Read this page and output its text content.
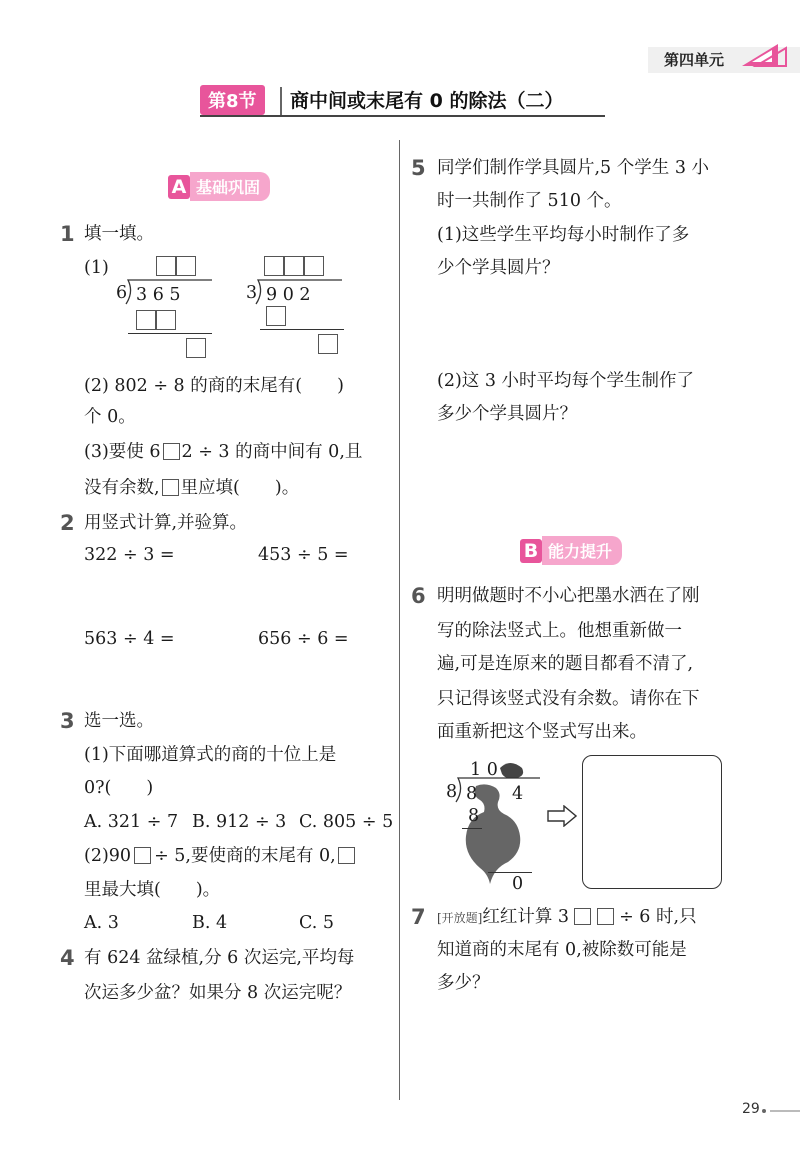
第四单元
第8节	商中间或末尾有 0 的除法（二）
A 基础巩固
1 填一填。
(1)
6 3 6 5	3 9 0 2
(2) 802 ÷ 8 的商的末尾有(　　)
个 0。
(3)要使 6 2 ÷ 3 的商中间有 0,且
没有余数, 里应填(　　)。
2 用竖式计算,并验算。
322 ÷ 3 =	453 ÷ 5 =
563 ÷ 4 =	656 ÷ 6 =
3 选一选。
(1)下面哪道算式的商的十位上是
0?(　　)
A. 321 ÷ 7 B. 912 ÷ 3 C. 805 ÷ 5
(2)90 ÷ 5,要使商的末尾有 0,
里最大填(　　)。
A. 3	B. 4	C. 5
4 有 624 盆绿植,分 6 次运完,平均每
次运多少盆？如果分 8 次运完呢？
5 同学们制作学具圆片,5 个学生 3 小
时一共制作了 510 个。
(1)这些学生平均每小时制作了多
少个学具圆片？
(2)这 3 小时平均每个学生制作了
多少个学具圆片？
B 能力提升
6 明明做题时不小心把墨水洒在了刚
写的除法竖式上。他想重新做一
遍,可是连原来的题目都看不清了,
只记得该竖式没有余数。请你在下
面重新把这个竖式写出来。
1 0
8 8 4
8
0
7 [开放题]红红计算 3	÷ 6 时,只
知道商的末尾有 0,被除数可能是
多少？
29
